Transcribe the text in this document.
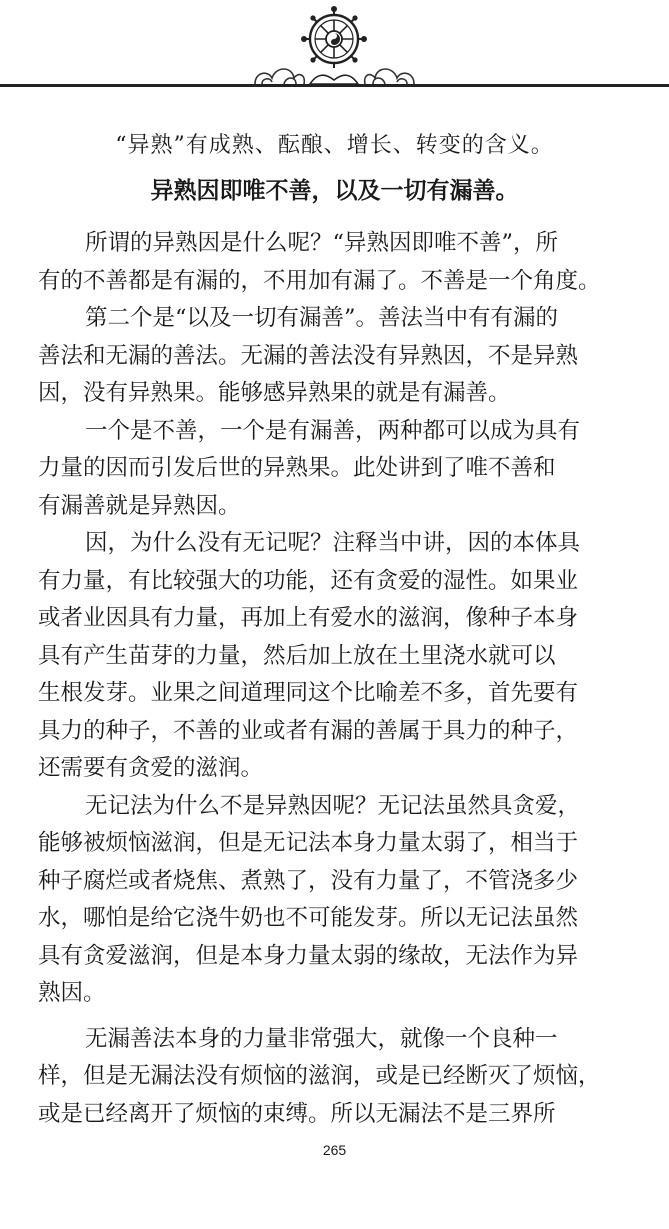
“异熟”有成熟、酝酿、增长、转变的含义。
异熟因即唯不善，以及一切有漏善。

所谓的异熟因是什么呢？“异熟因即唯不善”，所

有的不善都是有漏的，不用加有漏了。不善是一个角度。

第二个是“以及一切有漏善”。善法当中有有漏的

善法和无漏的善法。无漏的善法没有异熟因，不是异熟

因，没有异熟果。能够感异熟果的就是有漏善。

一个是不善，一个是有漏善，两种都可以成为具有

力量的因而引发后世的异熟果。此处讲到了唯不善和

有漏善就是异熟因。

因，为什么没有无记呢？注释当中讲，因的本体具

有力量，有比较强大的功能，还有贪爱的湿性。如果业

或者业因具有力量，再加上有爱水的滋润，像种子本身

具有产生苗芽的力量，然后加上放在土里浇水就可以

生根发芽。业果之间道理同这个比喻差不多，首先要有

具力的种子，不善的业或者有漏的善属于具力的种子，

还需要有贪爱的滋润。

无记法为什么不是异熟因呢？无记法虽然具贪爱，

能够被烦恼滋润，但是无记法本身力量太弱了，相当于

种子腐烂或者烧焦、煮熟了，没有力量了，不管浇多少

水，哪怕是给它浇牛奶也不可能发芽。所以无记法虽然

具有贪爱滋润，但是本身力量太弱的缘故，无法作为异

熟因。

无漏善法本身的力量非常强大，就像一个良种一

样，但是无漏法没有烦恼的滋润，或是已经断灭了烦恼，

或是已经离开了烦恼的束缚。所以无漏法不是三界所

265
